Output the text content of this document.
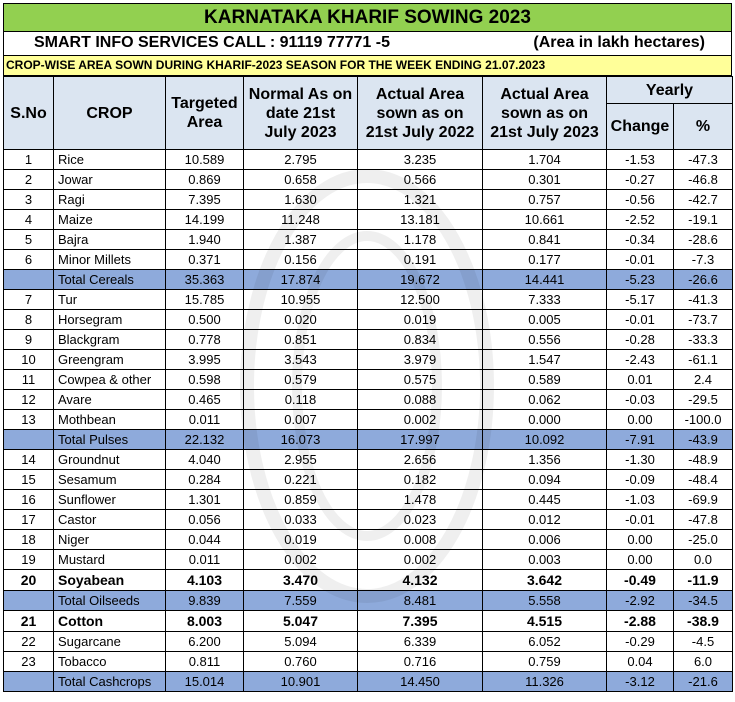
KARNATAKA KHARIF SOWING 2023
SMART INFO SERVICES CALL : 91119 77771 -5	(Area in lakh hectares)
CROP-WISE AREA SOWN DURING KHARIF-2023 SEASON FOR THE WEEK ENDING 21.07.2023
S.No	CROP	Targeted Area	Normal As on date 21st July 2023	Actual Area sown as on 21st July 2022	Actual Area sown as on 21st July 2023	Yearly	
						Change	%
1	Rice	10.589	2.795	3.235	1.704	-1.53	-47.3
2	Jowar	0.869	0.658	0.566	0.301	-0.27	-46.8
3	Ragi	7.395	1.630	1.321	0.757	-0.56	-42.7
4	Maize	14.199	11.248	13.181	10.661	-2.52	-19.1
5	Bajra	1.940	1.387	1.178	0.841	-0.34	-28.6
6	Minor Millets	0.371	0.156	0.191	0.177	-0.01	-7.3
	Total Cereals	35.363	17.874	19.672	14.441	-5.23	-26.6
7	Tur	15.785	10.955	12.500	7.333	-5.17	-41.3
8	Horsegram	0.500	0.020	0.019	0.005	-0.01	-73.7
9	Blackgram	0.778	0.851	0.834	0.556	-0.28	-33.3
10	Greengram	3.995	3.543	3.979	1.547	-2.43	-61.1
11	Cowpea & other	0.598	0.579	0.575	0.589	0.01	2.4
12	Avare	0.465	0.118	0.088	0.062	-0.03	-29.5
13	Mothbean	0.011	0.007	0.002	0.000	0.00	-100.0
	Total Pulses	22.132	16.073	17.997	10.092	-7.91	-43.9
14	Groundnut	4.040	2.955	2.656	1.356	-1.30	-48.9
15	Sesamum	0.284	0.221	0.182	0.094	-0.09	-48.4
16	Sunflower	1.301	0.859	1.478	0.445	-1.03	-69.9
17	Castor	0.056	0.033	0.023	0.012	-0.01	-47.8
18	Niger	0.044	0.019	0.008	0.006	0.00	-25.0
19	Mustard	0.011	0.002	0.002	0.003	0.00	0.0
20	Soyabean	4.103	3.470	4.132	3.642	-0.49	-11.9
	Total Oilseeds	9.839	7.559	8.481	5.558	-2.92	-34.5
21	Cotton	8.003	5.047	7.395	4.515	-2.88	-38.9
22	Sugarcane	6.200	5.094	6.339	6.052	-0.29	-4.5
23	Tobacco	0.811	0.760	0.716	0.759	0.04	6.0
	Total Cashcrops	15.014	10.901	14.450	11.326	-3.12	-21.6
